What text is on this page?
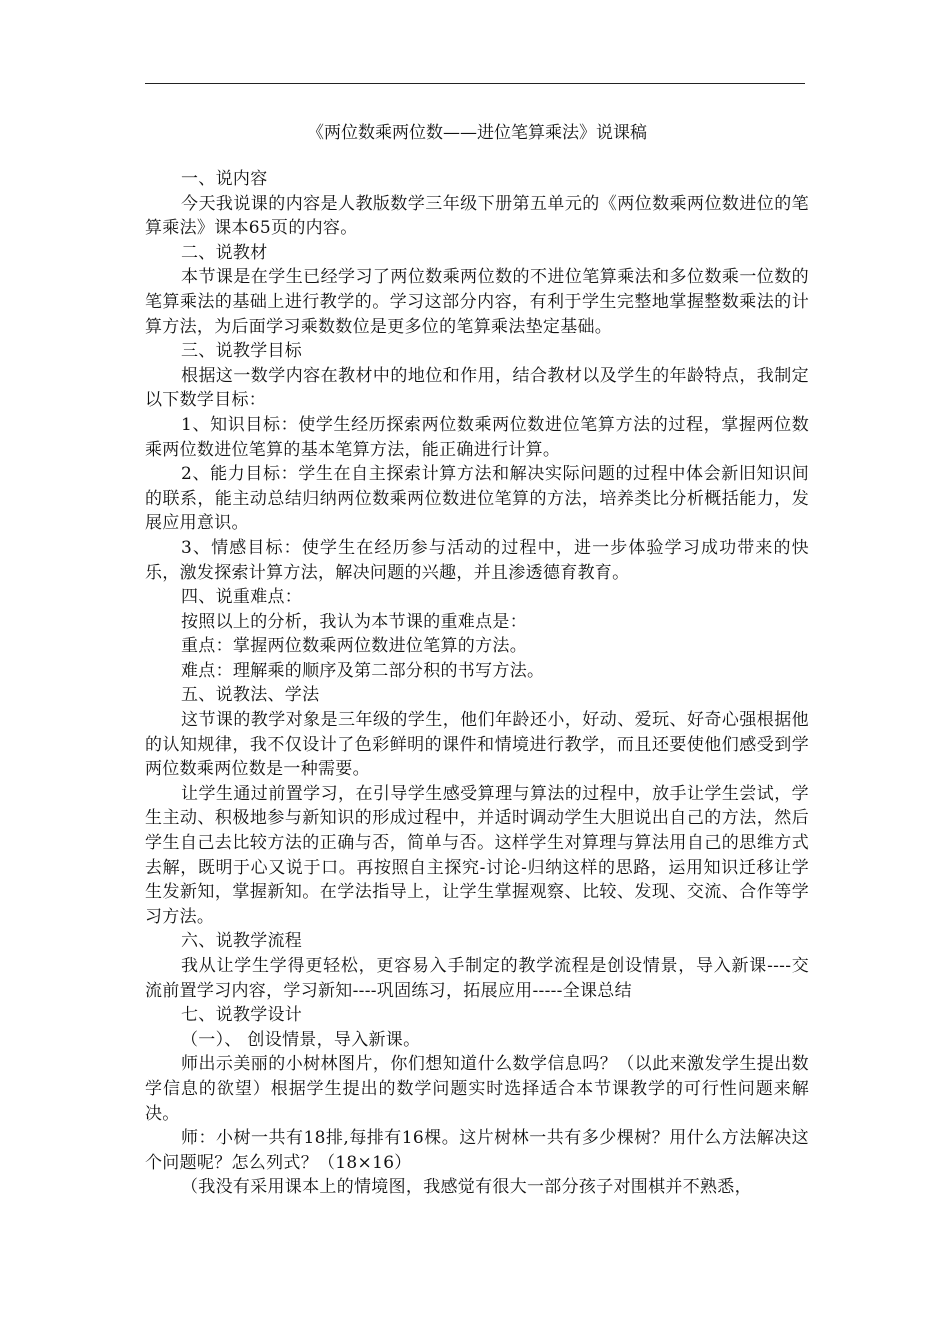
《两位数乘两位数——进位笔算乘法》说课稿

一、说内容

今天我说课的内容是人教版数学三年级下册第五单元的《两位数乘两位数进位的笔算乘法》课本65页的内容。

二、说教材

本节课是在学生已经学习了两位数乘两位数的不进位笔算乘法和多位数乘一位数的笔算乘法的基础上进行教学的。学习这部分内容，有利于学生完整地掌握整数乘法的计算方法，为后面学习乘数数位是更多位的笔算乘法垫定基础。

三、说教学目标

根据这一数学内容在教材中的地位和作用，结合教材以及学生的年龄特点，我制定以下数学目标：

1、知识目标：使学生经历探索两位数乘两位数进位笔算方法的过程，掌握两位数乘两位数进位笔算的基本笔算方法，能正确进行计算。

2、能力目标：学生在自主探索计算方法和解决实际问题的过程中体会新旧知识间的联系，能主动总结归纳两位数乘两位数进位笔算的方法，培养类比分析概括能力，发展应用意识。

3、情感目标：使学生在经历参与活动的过程中，进一步体验学习成功带来的快乐，激发探索计算方法，解决问题的兴趣，并且渗透德育教育。

四、说重难点：

按照以上的分析，我认为本节课的重难点是：

重点：掌握两位数乘两位数进位笔算的方法。

难点：理解乘的顺序及第二部分积的书写方法。

五、说教法、学法

这节课的教学对象是三年级的学生，他们年龄还小，好动、爱玩、好奇心强根据他的认知规律，我不仅设计了色彩鲜明的课件和情境进行教学，而且还要使他们感受到学两位数乘两位数是一种需要。

让学生通过前置学习，在引导学生感受算理与算法的过程中，放手让学生尝试，学生主动、积极地参与新知识的形成过程中，并适时调动学生大胆说出自己的方法，然后学生自己去比较方法的正确与否，简单与否。这样学生对算理与算法用自己的思维方式去解，既明于心又说于口。再按照自主探究-讨论-归纳这样的思路，运用知识迁移让学生发新知，掌握新知。在学法指导上，让学生掌握观察、比较、发现、交流、合作等学习方法。

六、说教学流程

我从让学生学得更轻松，更容易入手制定的教学流程是创设情景，导入新课----交流前置学习内容，学习新知----巩固练习，拓展应用-----全课总结

七、说教学设计

（一）、 创设情景，导入新课。

师出示美丽的小树林图片，你们想知道什么数学信息吗？（以此来激发学生提出数学信息的欲望）根据学生提出的数学问题实时选择适合本节课教学的可行性问题来解决。

师：小树一共有18排,每排有16棵。这片树林一共有多少棵树？用什么方法解决这个问题呢？怎么列式？（18×16）

（我没有采用课本上的情境图，我感觉有很大一部分孩子对围棋并不熟悉，
